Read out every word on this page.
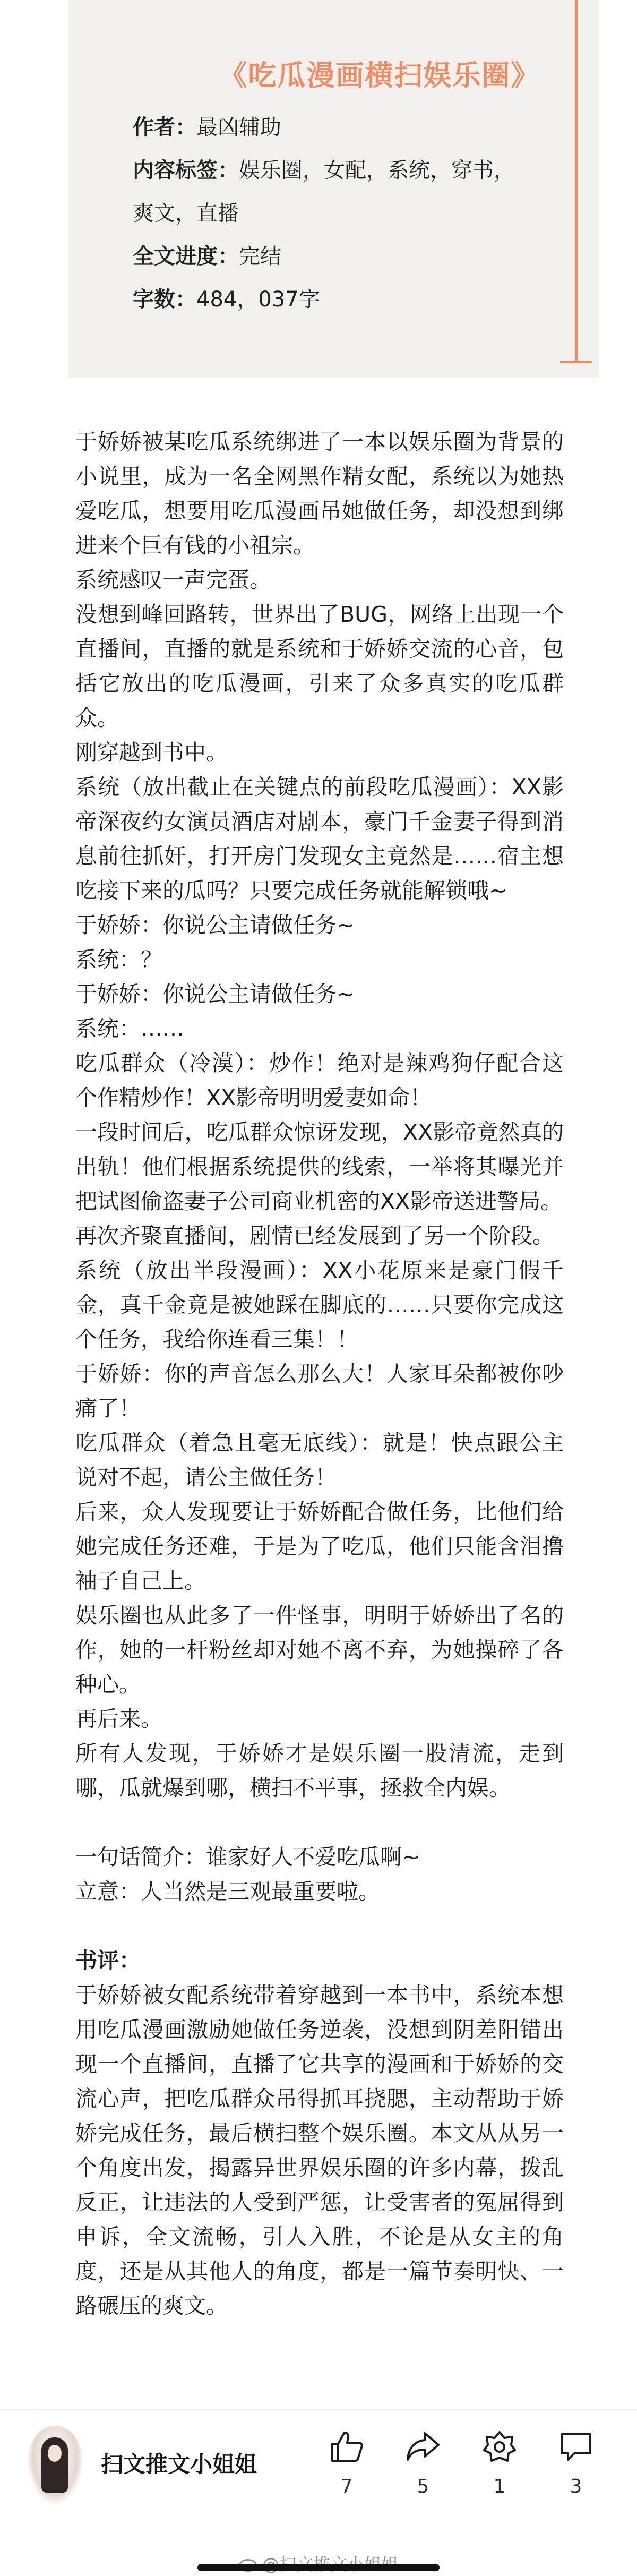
《吃瓜漫画横扫娱乐圈》

作者：最凶辅助

内容标签：娱乐圈，女配，系统，穿书，

爽文，直播

全文进度：完结

字数：484，037字

于娇娇被某吃瓜系统绑进了一本以娱乐圈为背景的小说里，成为一名全网黑作精女配，系统以为她热爱吃瓜，想要用吃瓜漫画吊她做任务，却没想到绑进来个巨有钱的小祖宗。

系统感叹一声完蛋。

没想到峰回路转，世界出了BUG，网络上出现一个直播间，直播的就是系统和于娇娇交流的心音，包括它放出的吃瓜漫画，引来了众多真实的吃瓜群众。

刚穿越到书中。

系统（放出截止在关键点的前段吃瓜漫画）：XX影帝深夜约女演员酒店对剧本，豪门千金妻子得到消息前往抓奸，打开房门发现女主竟然是……宿主想吃接下来的瓜吗？只要完成任务就能解锁哦~

于娇娇：你说公主请做任务~

系统：？

于娇娇：你说公主请做任务~

系统：……

吃瓜群众（冷漠）：炒作！绝对是辣鸡狗仔配合这个作精炒作！XX影帝明明爱妻如命！

一段时间后，吃瓜群众惊讶发现，XX影帝竟然真的出轨！他们根据系统提供的线索，一举将其曝光并把试图偷盗妻子公司商业机密的XX影帝送进警局。

再次齐聚直播间，剧情已经发展到了另一个阶段。

系统（放出半段漫画）：XX小花原来是豪门假千金，真千金竟是被她踩在脚底的……只要你完成这个任务，我给你连看三集！！

于娇娇：你的声音怎么那么大！人家耳朵都被你吵痛了！

吃瓜群众（着急且毫无底线）：就是！快点跟公主说对不起，请公主做任务！

后来，众人发现要让于娇娇配合做任务，比他们给她完成任务还难，于是为了吃瓜，他们只能含泪撸袖子自己上。

娱乐圈也从此多了一件怪事，明明于娇娇出了名的作，她的一杆粉丝却对她不离不弃，为她操碎了各种心。

再后来。

所有人发现，于娇娇才是娱乐圈一股清流，走到哪，瓜就爆到哪，横扫不平事，拯救全内娱。

一句话简介：谁家好人不爱吃瓜啊~

立意：人当然是三观最重要啦。

书评：

于娇娇被女配系统带着穿越到一本书中，系统本想用吃瓜漫画激励她做任务逆袭，没想到阴差阳错出现一个直播间，直播了它共享的漫画和于娇娇的交流心声，把吃瓜群众吊得抓耳挠腮，主动帮助于娇娇完成任务，最后横扫整个娱乐圈。本文从从另一个角度出发，揭露异世界娱乐圈的许多内幕，拨乱反正，让违法的人受到严惩，让受害者的冤屈得到申诉，全文流畅，引人入胜，不论是从女主的角度，还是从其他人的角度，都是一篇节奏明快、一路碾压的爽文。

扫文推文小姐姐
7	5	1	3
